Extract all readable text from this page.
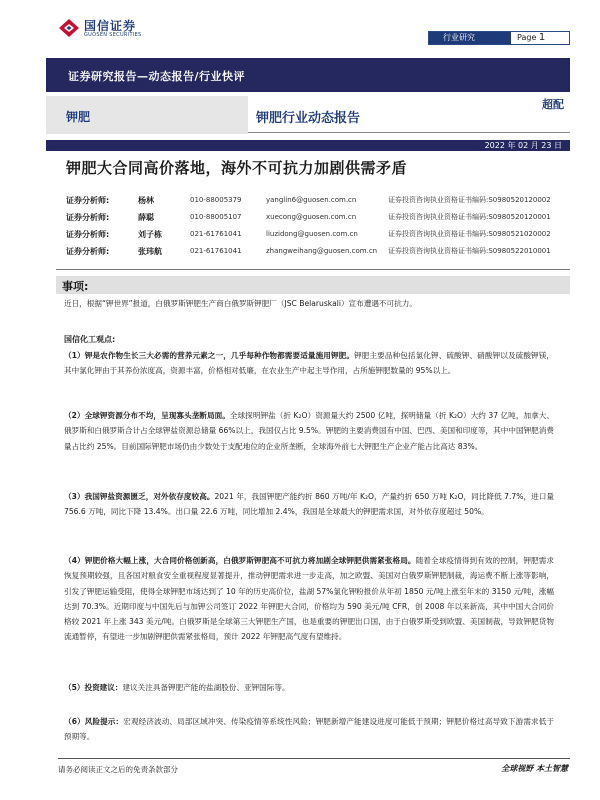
国信证券
GUOSEN SECURITIES	行业研究	Page 1
证券研究报告—动态报告/行业快评
钾肥	钾肥行业动态报告
超配
2022 年 02 月 23 日
钾肥大合同高价落地，海外不可抗力加剧供需矛盾
证券分析师:	杨林	010-88005379	yanglin6@guosen.com.cn	证券投资咨询执业资格证书编码:S0980520120002
证券分析师:	薛聪	010-88005107	xuecong@guosen.com.cn	证券投资咨询执业资格证书编码:S0980520120001
证券分析师:	刘子栋	021-61761041	liuzidong@guosen.com.cn	证券投资咨询执业资格证书编码:S0980521020002
证券分析师:	张玮航	021-61761041	zhangweihang@guosen.com.cn 证券投资咨询执业资格证书编码:S0980522010001
事项:

近日，根据“钾世界”报道，白俄罗斯钾肥生产商白俄罗斯钾肥厂（JSC Belaruskali）宣布遭遇不可抗力。

国信化工观点:

（1）钾是农作物生长三大必需的营养元素之一，几乎每种作物都需要适量施用钾肥。钾肥主要品种包括氯化钾、硫酸钾、硝酸钾以及硫酸钾镁，其中氯化钾由于其养份浓度高，资源丰富，价格相对低廉，在农业生产中起主导作用，占所施钾肥数量的 95%以上。

（2）全球钾资源分布不均，呈现寡头垄断局面。全球探明钾盐（折 K₂O）资源量大约 2500 亿吨，探明储量（折 K₂O）大约 37 亿吨，加拿大、俄罗斯和白俄罗斯合计占全球钾盐资源总储量 66%以上，我国仅占比 9.5%。钾肥的主要消费国有中国、巴西、美国和印度等，其中中国钾肥消费量占比约 25%。目前国际钾肥市场仍由少数处于支配地位的企业所垄断，全球海外前七大钾肥生产企业产能占比高达 83%。

（3）我国钾盐资源匮乏，对外依存度较高。2021 年，我国钾肥产能约折 860 万吨/年 K₂O，产量约折 650 万吨 K₂O，同比降低 7.7%，进口量 756.6 万吨，同比下降 13.4%。出口量 22.6 万吨，同比增加 2.4%，我国是全球最大的钾肥需求国，对外依存度超过 50%。

（4）钾肥价格大幅上涨，大合同价格创新高，白俄罗斯钾肥高不可抗力将加剧全球钾肥供需紧张格局。随着全球疫情得到有效的控制，钾肥需求恢复预期较强，且各国对粮食安全重视程度显著提升，推动钾肥需求进一步走高，加之欧盟、美国对白俄罗斯钾肥制裁，海运费不断上涨等影响，引发了钾肥运输受阻，使得全球钾肥市场达到了 10 年的历史高价位，盐湖 57%氯化钾粉报价从年初 1850 元/吨上涨至年末的 3150 元/吨，涨幅达到 70.3%。近期印度与中国先后与加钾公司签订 2022 年钾肥大合同，价格均为 590 美元/吨 CFR，创 2008 年以来新高，其中中国大合同价格较 2021 年上涨 343 美元/吨。白俄罗斯是全球第三大钾肥生产国，也是重要的钾肥出口国，由于白俄罗斯受到欧盟、美国制裁，导致钾肥货物流通暂停，有望进一步加剧钾肥供需紧张格局，预计 2022 年钾肥高气度有望维持。

（5）投资建议：建议关注具备钾肥产能的盐湖股份、亚钾国际等。

（6）风险提示：宏观经济波动、局部区域冲突、传染疫情等系统性风险；钾肥新增产能建设进度可能低于预期；钾肥价格过高导致下游需求低于预期等。

请务必阅读正文之后的免责条款部分	全球视野 本土智慧
